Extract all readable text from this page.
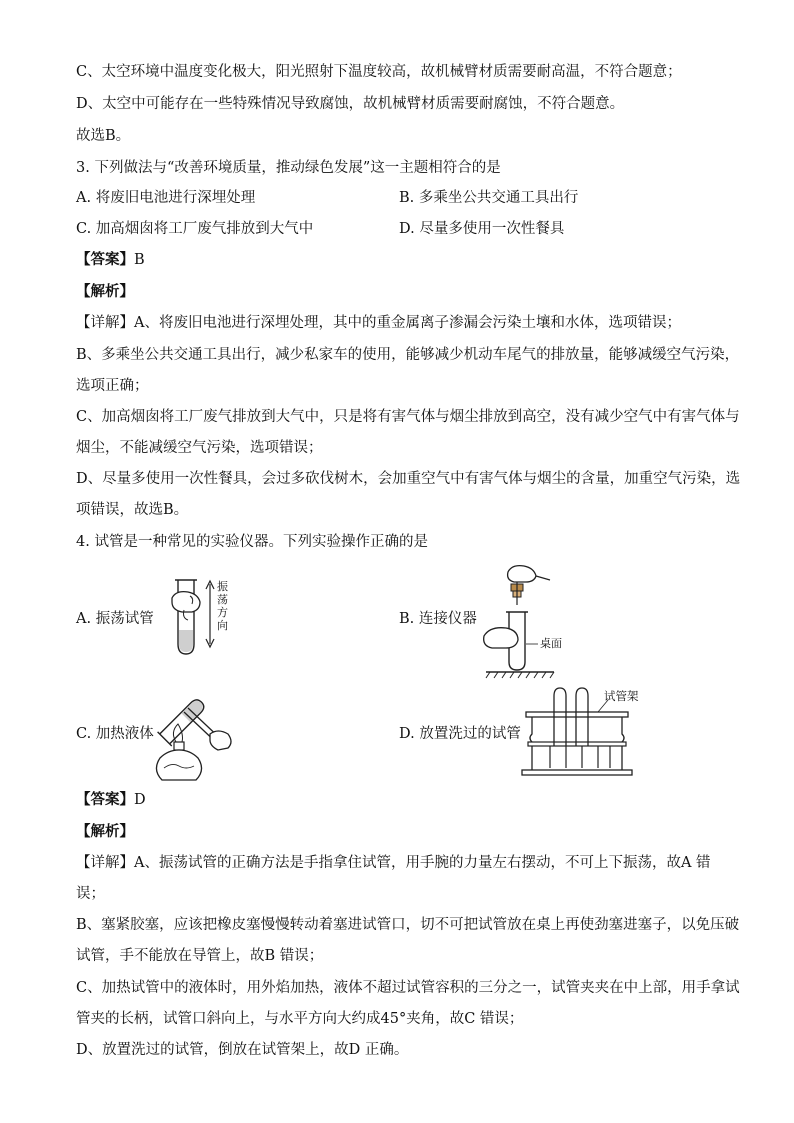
C、太空环境中温度变化极大，阳光照射下温度较高，故机械臂材质需要耐高温，不符合题意；
D、太空中可能存在一些特殊情况导致腐蚀，故机械臂材质需要耐腐蚀，不符合题意。
故选B。
3. 下列做法与“改善环境质量，推动绿色发展”这一主题相符合的是
A. 将废旧电池进行深埋处理	B. 多乘坐公共交通工具出行
C. 加高烟囱将工厂废气排放到大气中	D. 尽量多使用一次性餐具
【答案】B
【解析】
【详解】A、将废旧电池进行深埋处理，其中的重金属离子渗漏会污染土壤和水体，选项错误；
B、多乘坐公共交通工具出行，减少私家车的使用，能够减少机动车尾气的排放量，能够减缓空气污染，
选项正确；
C、加高烟囱将工厂废气排放到大气中，只是将有害气体与烟尘排放到高空，没有减少空气中有害气体与
烟尘，不能减缓空气污染，选项错误；
D、尽量多使用一次性餐具，会过多砍伐树木，会加重空气中有害气体与烟尘的含量，加重空气污染，选
项错误，故选B。
4. 试管是一种常见的实验仪器。下列实验操作正确的是
A. 振荡试管	B. 连接仪器
C. 加热液体	D. 放置洗过的试管
振荡方向
桌面
试管架
【答案】D
【解析】
【详解】A、振荡试管的正确方法是手指拿住试管，用手腕的力量左右摆动，不可上下振荡，故A 错
误；
B、塞紧胶塞，应该把橡皮塞慢慢转动着塞进试管口，切不可把试管放在桌上再使劲塞进塞子，以免压破
试管，手不能放在导管上，故B 错误；
C、加热试管中的液体时，用外焰加热，液体不超过试管容积的三分之一，试管夹夹在中上部，用手拿试
管夹的长柄，试管口斜向上，与水平方向大约成45°夹角，故C 错误；
D、放置洗过的试管，倒放在试管架上，故D 正确。
